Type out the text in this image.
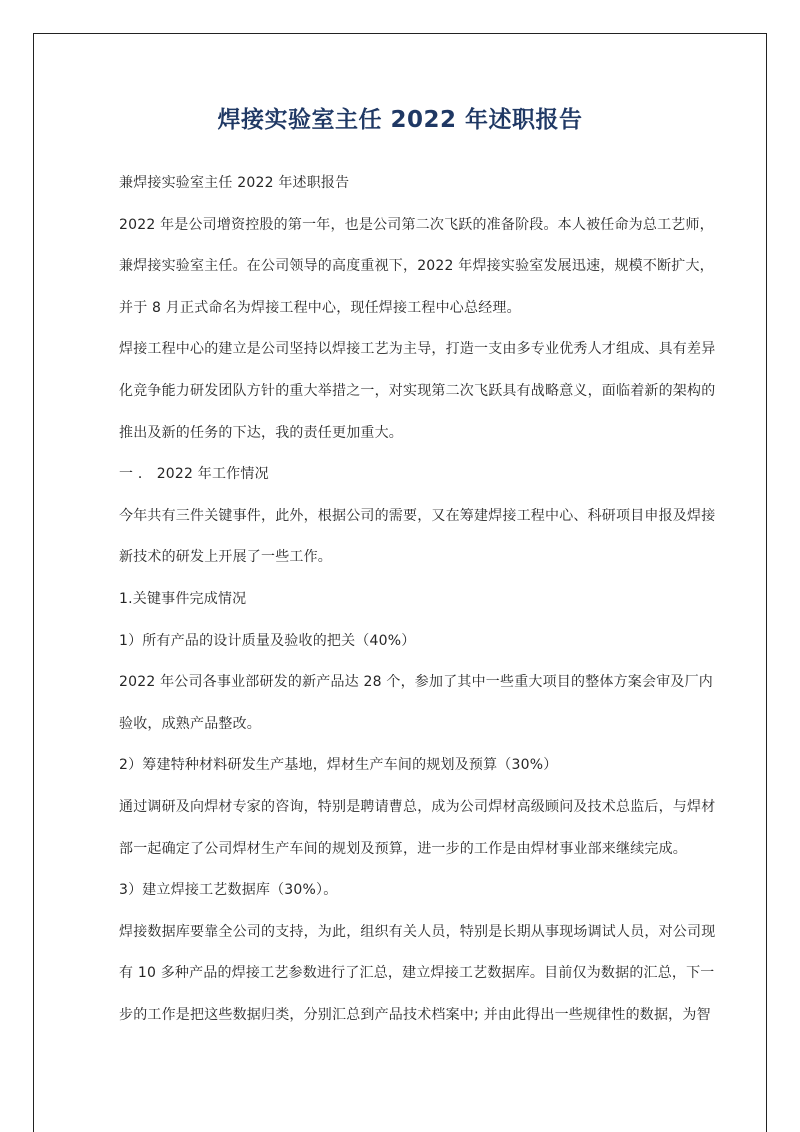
焊接实验室主任 2022 年述职报告
兼焊接实验室主任 2022 年述职报告
2022 年是公司增资控股的第一年，也是公司第二次飞跃的准备阶段。本人被任命为总工艺师，
兼焊接实验室主任。在公司领导的高度重视下，2022 年焊接实验室发展迅速，规模不断扩大，
并于 8 月正式命名为焊接工程中心，现任焊接工程中心总经理。
焊接工程中心的建立是公司坚持以焊接工艺为主导，打造一支由多专业优秀人才组成、具有差异
化竞争能力研发团队方针的重大举措之一，对实现第二次飞跃具有战略意义，面临着新的架构的
推出及新的任务的下达，我的责任更加重大。
一 ． 2022 年工作情况
今年共有三件关键事件，此外，根据公司的需要，又在筹建焊接工程中心、科研项目申报及焊接
新技术的研发上开展了一些工作。
1.关键事件完成情况
1）所有产品的设计质量及验收的把关（40%）
2022 年公司各事业部研发的新产品达 28 个，参加了其中一些重大项目的整体方案会审及厂内
验收，成熟产品整改。
2）筹建特种材料研发生产基地，焊材生产车间的规划及预算（30%）
通过调研及向焊材专家的咨询，特别是聘请曹总，成为公司焊材高级顾问及技术总监后，与焊材
部一起确定了公司焊材生产车间的规划及预算，进一步的工作是由焊材事业部来继续完成。
3）建立焊接工艺数据库（30%）。
焊接数据库要靠全公司的支持，为此，组织有关人员，特别是长期从事现场调试人员，对公司现
有 10 多种产品的焊接工艺参数进行了汇总，建立焊接工艺数据库。目前仅为数据的汇总，下一
步的工作是把这些数据归类，分别汇总到产品技术档案中; 并由此得出一些规律性的数据，为智
